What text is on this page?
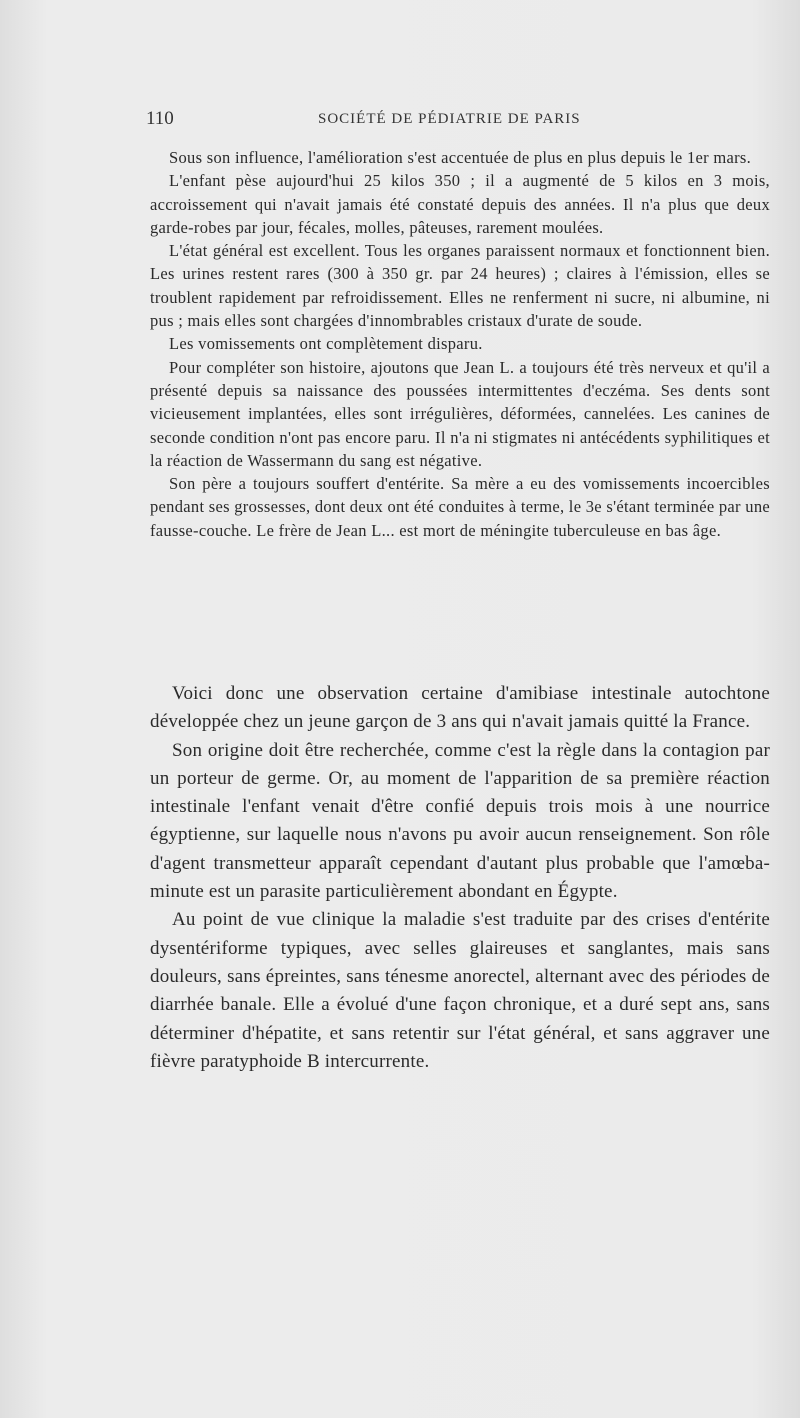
110	SOCIÉTÉ DE PÉDIATRIE DE PARIS

Sous son influence, l'amélioration s'est accentuée de plus en plus depuis le 1er mars.

L'enfant pèse aujourd'hui 25 kilos 350 ; il a augmenté de 5 kilos en 3 mois, accroissement qui n'avait jamais été constaté depuis des années. Il n'a plus que deux garde-robes par jour, fécales, molles, pâteuses, rarement moulées.

L'état général est excellent. Tous les organes paraissent normaux et fonctionnent bien. Les urines restent rares (300 à 350 gr. par 24 heures) ; claires à l'émission, elles se troublent rapidement par refroidissement. Elles ne renferment ni sucre, ni albumine, ni pus ; mais elles sont chargées d'innombrables cristaux d'urate de soude.

Les vomissements ont complètement disparu.

Pour compléter son histoire, ajoutons que Jean L. a toujours été très nerveux et qu'il a présenté depuis sa naissance des poussées intermittentes d'eczéma. Ses dents sont vicieusement implantées, elles sont irrégulières, déformées, cannelées. Les canines de seconde condition n'ont pas encore paru. Il n'a ni stigmates ni antécédents syphilitiques et la réaction de Wassermann du sang est négative.

Son père a toujours souffert d'entérite. Sa mère a eu des vomissements incoercibles pendant ses grossesses, dont deux ont été conduites à terme, le 3e s'étant terminée par une fausse-couche. Le frère de Jean L... est mort de méningite tuberculeuse en bas âge.

Voici donc une observation certaine d'amibiase intestinale autochtone développée chez un jeune garçon de 3 ans qui n'avait jamais quitté la France.

Son origine doit être recherchée, comme c'est la règle dans la contagion par un porteur de germe. Or, au moment de l'apparition de sa première réaction intestinale l'enfant venait d'être confié depuis trois mois à une nourrice égyptienne, sur laquelle nous n'avons pu avoir aucun renseignement. Son rôle d'agent transmetteur apparaît cependant d'autant plus probable que l'amœba-minute est un parasite particulièrement abondant en Égypte.

Au point de vue clinique la maladie s'est traduite par des crises d'entérite dysentériforme typiques, avec selles glaireuses et sanglantes, mais sans douleurs, sans épreintes, sans ténesme anorectel, alternant avec des périodes de diarrhée banale. Elle a évolué d'une façon chronique, et a duré sept ans, sans déterminer d'hépatite, et sans retentir sur l'état général, et sans aggraver une fièvre paratyphoide B intercurrente.
